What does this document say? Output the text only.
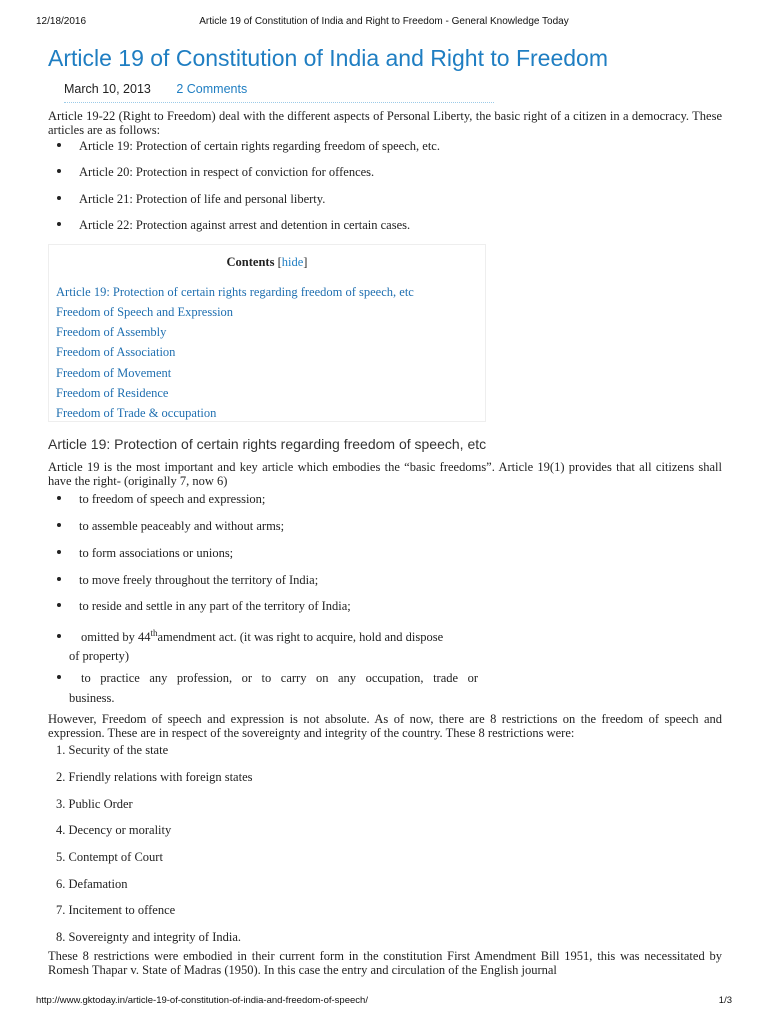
12/18/2016	Article 19 of Constitution of India and Right to Freedom - General Knowledge Today
Article 19 of Constitution of India and Right to Freedom
March 10, 2013 2 Comments

Article 19-22 (Right to Freedom) deal with the different aspects of Personal Liberty, the basic right of a citizen in a democracy. These articles are as follows:

Article 19: Protection of certain rights regarding freedom of speech, etc.
Article 20: Protection in respect of conviction for offences.
Article 21: Protection of life and personal liberty.
Article 22: Protection against arrest and detention in certain cases.
Contents [hide]
Article 19: Protection of certain rights regarding freedom of speech, etc
Freedom of Speech and Expression
Freedom of Assembly
Freedom of Association
Freedom of Movement
Freedom of Residence
Freedom of Trade & occupation
Article 19: Protection of certain rights regarding freedom of speech, etc

Article 19 is the most important and key article which embodies the “basic freedoms”. Article 19(1) provides that all citizens shall have the right- (originally 7, now 6)

to freedom of speech and expression;
to assemble peaceably and without arms;
to form associations or unions;
to move freely throughout the territory of India;
to reside and settle in any part of the territory of India;
omitted by 44thamendment act. (it was right to acquire, hold and dispose
of property)
to practice any profession, or to carry on any occupation, trade or
business.

However, Freedom of speech and expression is not absolute. As of now, there are 8 restrictions on the freedom of speech and expression. These are in respect of the sovereignty and integrity of the country. These 8 restrictions were:

1. Security of the state
2. Friendly relations with foreign states
3. Public Order
4. Decency or morality
5. Contempt of Court
6. Defamation
7. Incitement to offence
8. Sovereignty and integrity of India.

These 8 restrictions were embodied in their current form in the constitution First Amendment Bill 1951, this was necessitated by Romesh Thapar v. State of Madras (1950). In this case the entry and circulation of the English journal

http://www.gktoday.in/article-19-of-constitution-of-india-and-freedom-of-speech/	1/3
